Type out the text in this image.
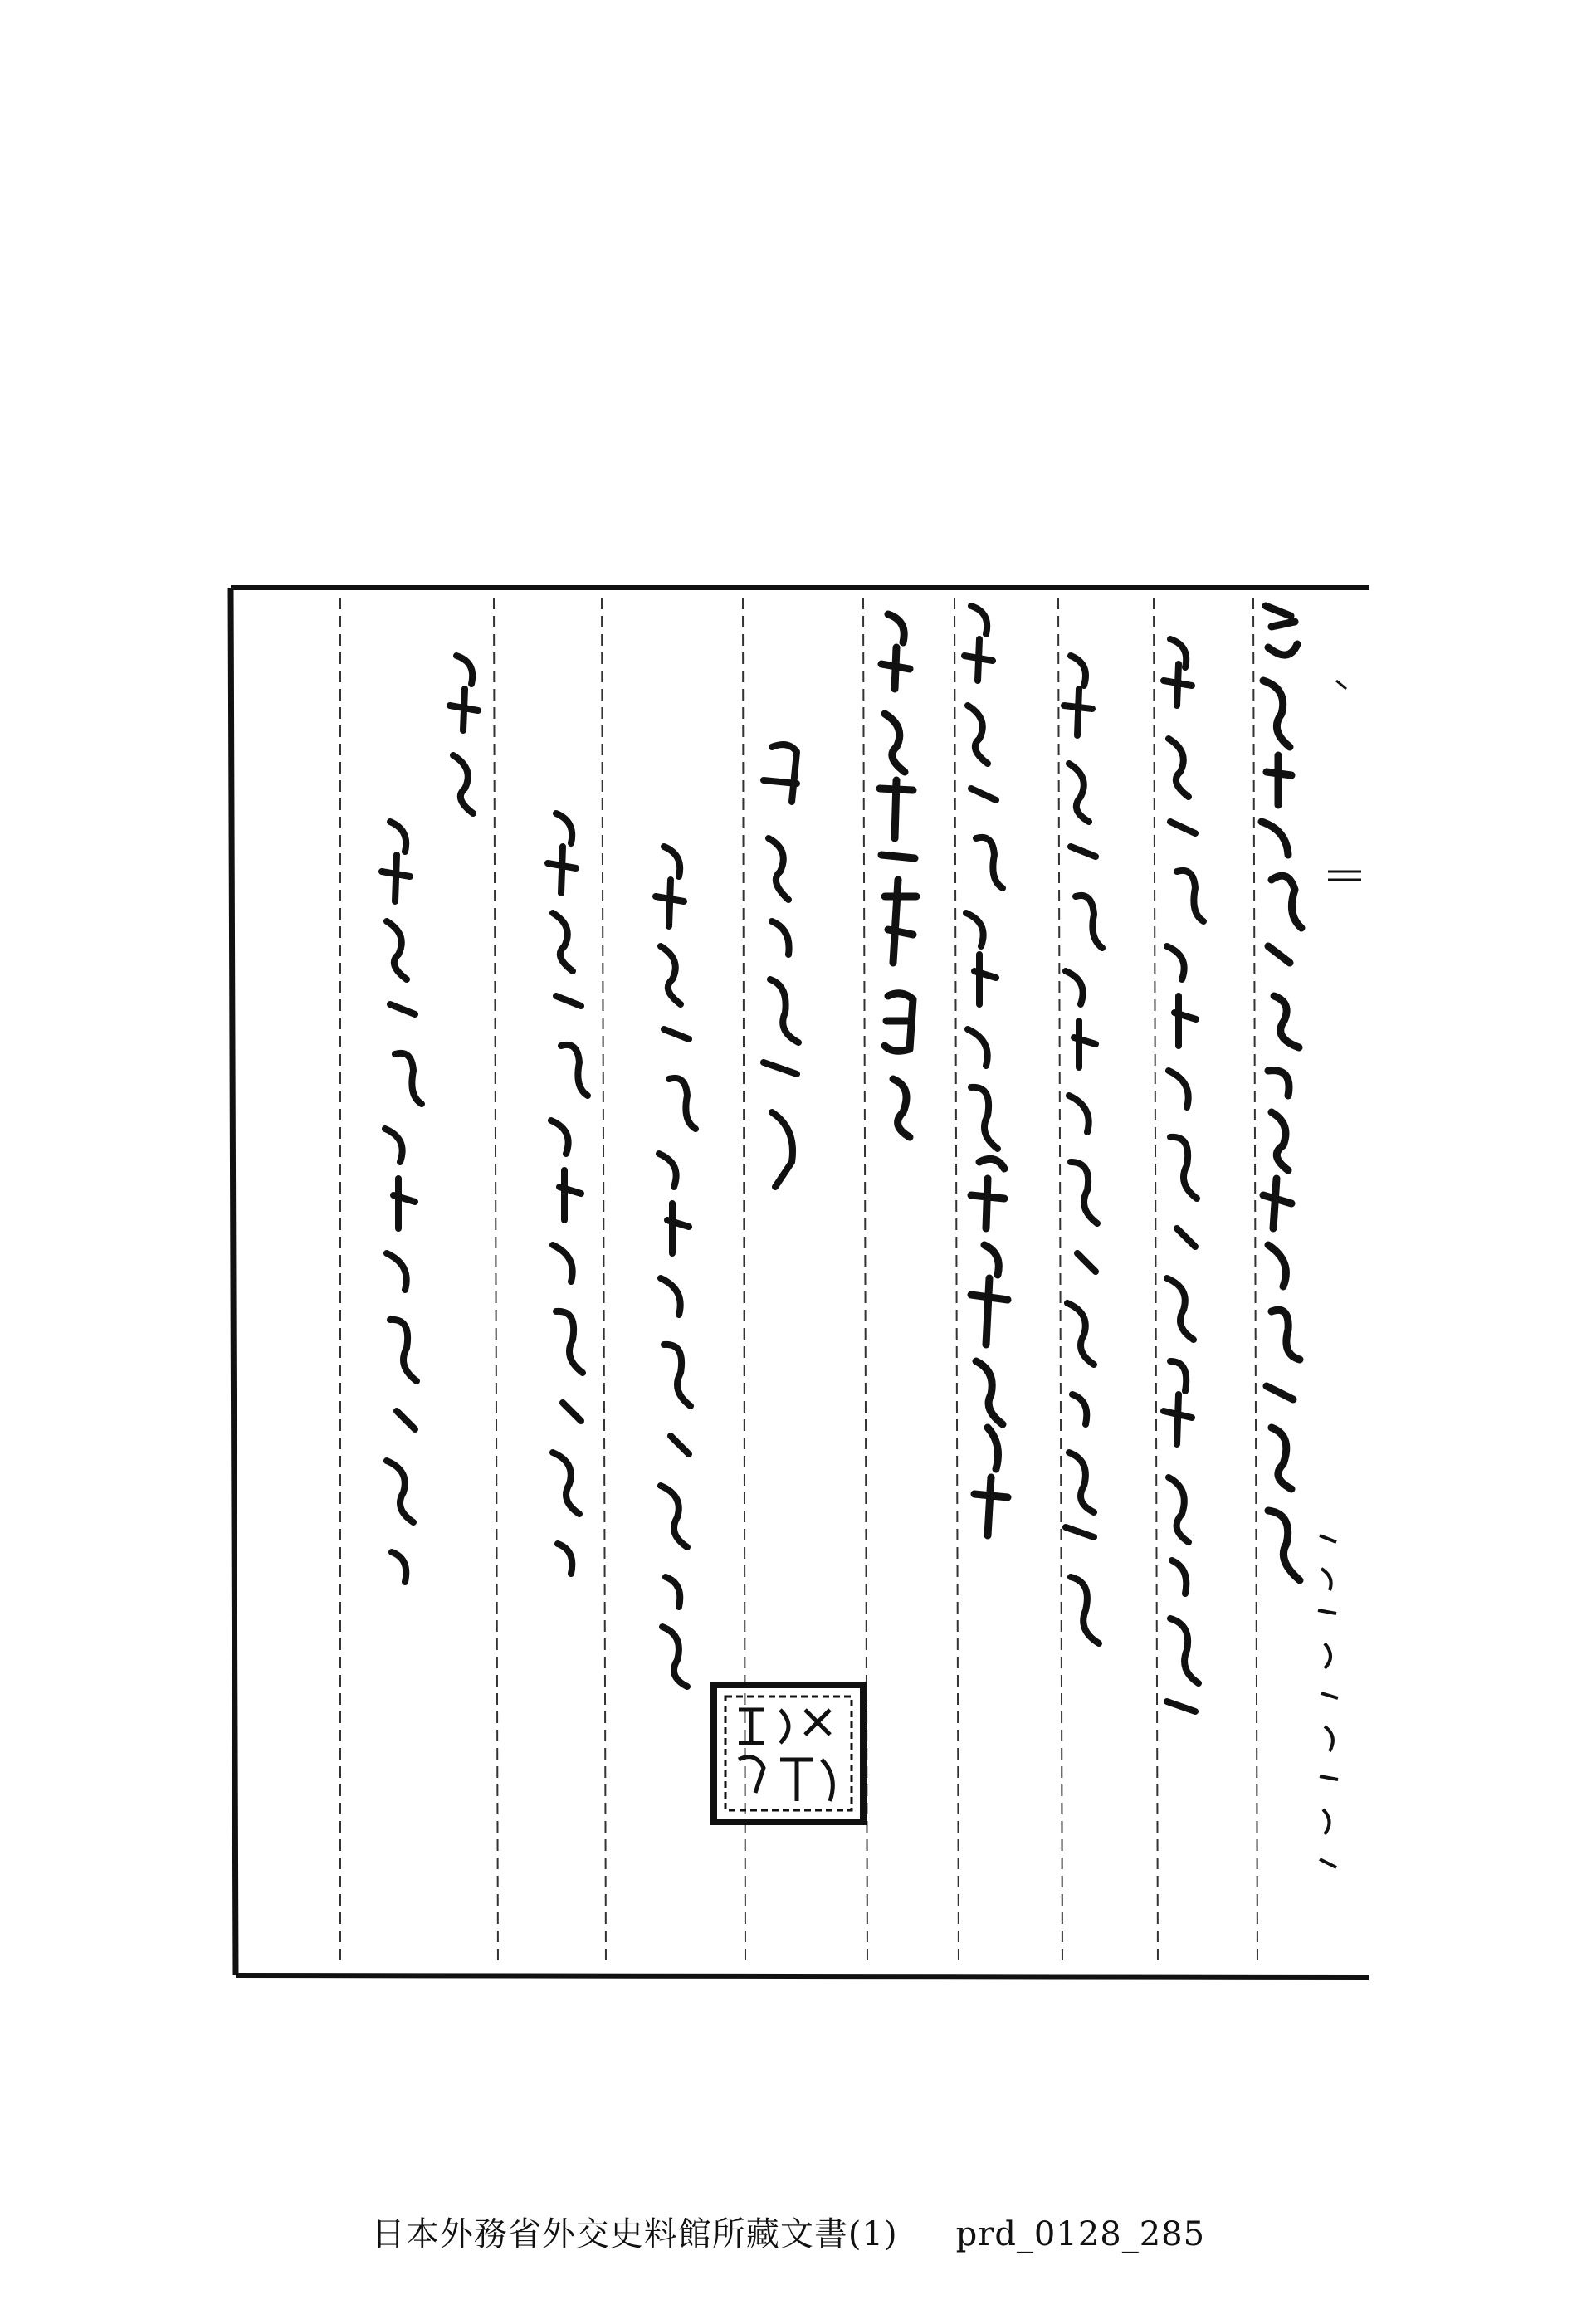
日本外務省外交史料館所藏文書(1) prd_0128_285
